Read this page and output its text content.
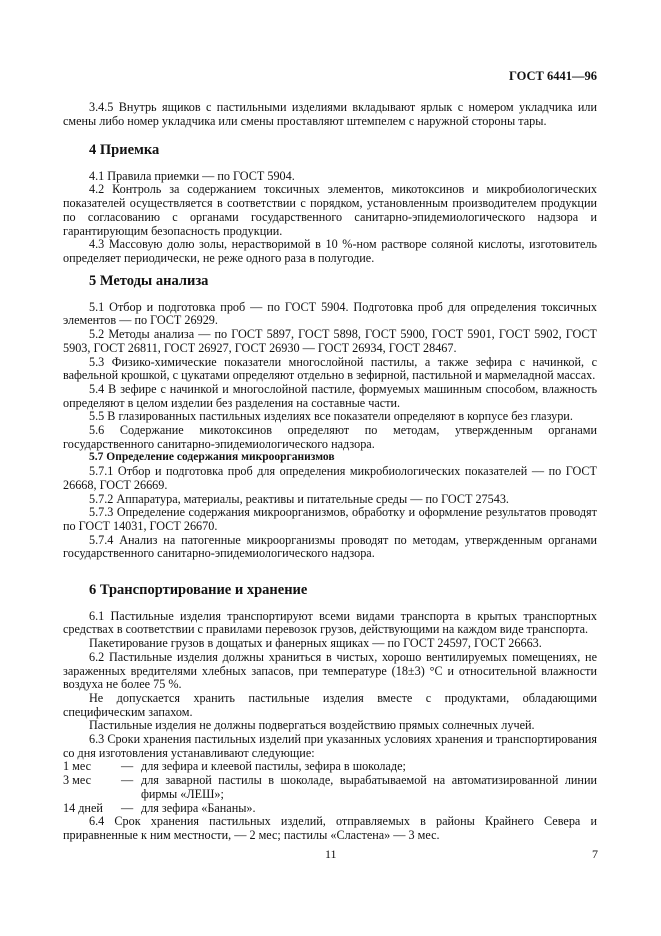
ГОСТ 6441—96

3.4.5 Внутрь ящиков с пастильными изделиями вкладывают ярлык с номером укладчика или смены либо номер укладчика или смены проставляют штемпелем с наружной стороны тары.

4 Приемка

4.1 Правила приемки — по ГОСТ 5904.

4.2 Контроль за содержанием токсичных элементов, микотоксинов и микробиологических показателей осуществляется в соответствии с порядком, установленным производителем продукции по согласованию с органами государственного санитарно-эпидемиологического надзора и гарантирующим безопасность продукции.

4.3 Массовую долю золы, нерастворимой в 10 %-ном растворе соляной кислоты, изготовитель определяет периодически, не реже одного раза в полугодие.

5 Методы анализа

5.1 Отбор и подготовка проб — по ГОСТ 5904. Подготовка проб для определения токсичных элементов — по ГОСТ 26929.

5.2 Методы анализа — по ГОСТ 5897, ГОСТ 5898, ГОСТ 5900, ГОСТ 5901, ГОСТ 5902, ГОСТ 5903, ГОСТ 26811, ГОСТ 26927, ГОСТ 26930 — ГОСТ 26934, ГОСТ 28467.

5.3 Физико-химические показатели многослойной пастилы, а также зефира с начинкой, с вафельной крошкой, с цукатами определяют отдельно в зефирной, пастильной и мармеладной массах.

5.4 В зефире с начинкой и многослойной пастиле, формуемых машинным способом, влажность определяют в целом изделии без разделения на составные части.

5.5 В глазированных пастильных изделиях все показатели определяют в корпусе без глазури.

5.6 Содержание микотоксинов определяют по методам, утвержденным органами государственного санитарно-эпидемиологического надзора.

5.7 Определение содержания микроорганизмов

5.7.1 Отбор и подготовка проб для определения микробиологических показателей — по ГОСТ 26668, ГОСТ 26669.

5.7.2 Аппаратура, материалы, реактивы и питательные среды — по ГОСТ 27543.

5.7.3 Определение содержания микроорганизмов, обработку и оформление результатов проводят по ГОСТ 14031, ГОСТ 26670.

5.7.4 Анализ на патогенные микроорганизмы проводят по методам, утвержденным органами государственного санитарно-эпидемиологического надзора.

6 Транспортирование и хранение

6.1 Пастильные изделия транспортируют всеми видами транспорта в крытых транспортных средствах в соответствии с правилами перевозок грузов, действующими на каждом виде транспорта.

Пакетирование грузов в дощатых и фанерных ящиках — по ГОСТ 24597, ГОСТ 26663.

6.2 Пастильные изделия должны храниться в чистых, хорошо вентилируемых помещениях, не зараженных вредителями хлебных запасов, при температуре (18±3) °С и относительной влажности воздуха не более 75 %.

Не допускается хранить пастильные изделия вместе с продуктами, обладающими специфическим запахом.

Пастильные изделия не должны подвергаться воздействию прямых солнечных лучей.

6.3 Сроки хранения пастильных изделий при указанных условиях хранения и транспортирования со дня изготовления устанавливают следующие:

1 мес	— для зефира и клеевой пастилы, зефира в шоколаде;
3 мес	— для заварной пастилы в шоколаде, вырабатываемой на автоматизированной линии фирмы «ЛЕШ»;
14 дней	— для зефира «Бананы».

6.4 Срок хранения пастильных изделий, отправляемых в районы Крайнего Севера и приравненные к ним местности, — 2 мес; пастилы «Сластена» — 3 мес.

11	7
